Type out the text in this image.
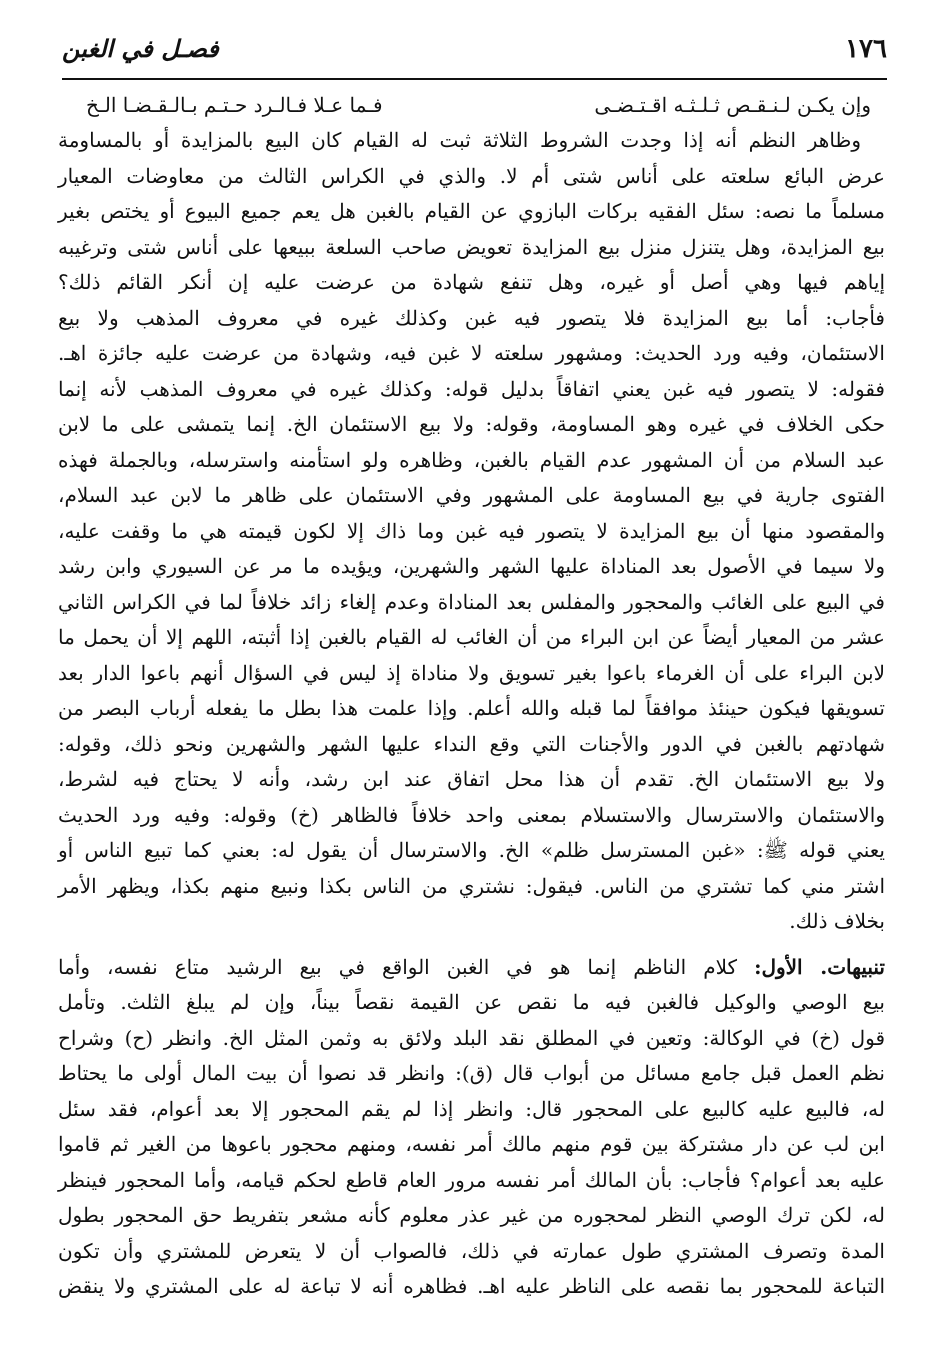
١٧٦
فصـل في الغبن
وإن يكـن لـنـقـص ثـلـثـه اقـتـضـى
فـما عـلا فـالـرد حـتـم بـالـقـضـا الـخ
وظاهر النظم أنه إذا وجدت الشروط الثلاثة ثبت له القيام كان البيع بالمزايدة أو بالمساومة
عرض البائع سلعته على أناس شتى أم لا. والذي في الكراس الثالث من معاوضات المعيار
مسلماً ما نصه: سئل الفقيه بركات البازوي عن القيام بالغبن هل يعم جميع البيوع أو يختص بغير
بيع المزايدة، وهل يتنزل منزل بيع المزايدة تعويض صاحب السلعة ببيعها على أناس شتى وترغيبه
إياهم فيها وهي أصل أو غيره، وهل تنفع شهادة من عرضت عليه إن أنكر القائم ذلك؟
فأجاب: أما بيع المزايدة فلا يتصور فيه غبن وكذلك غيره في معروف المذهب ولا بيع
الاستئمان، وفيه ورد الحديث: ومشهور سلعته لا غبن فيه، وشهادة من عرضت عليه جائزة اهـ.
فقوله: لا يتصور فيه غبن يعني اتفاقاً بدليل قوله: وكذلك غيره في معروف المذهب لأنه إنما
حكى الخلاف في غيره وهو المساومة، وقوله: ولا بيع الاستئمان الخ. إنما يتمشى على ما لابن
عبد السلام من أن المشهور عدم القيام بالغبن، وظاهره ولو استأمنه واسترسله، وبالجملة فهذه
الفتوى جارية في بيع المساومة على المشهور وفي الاستئمان على ظاهر ما لابن عبد السلام،
والمقصود منها أن بيع المزايدة لا يتصور فيه غبن وما ذاك إلا لكون قيمته هي ما وقفت عليه،
ولا سيما في الأصول بعد المناداة عليها الشهر والشهرين، ويؤيده ما مر عن السيوري وابن رشد
في البيع على الغائب والمحجور والمفلس بعد المناداة وعدم إلغاء زائد خلافاً لما في الكراس الثاني
عشر من المعيار أيضاً عن ابن البراء من أن الغائب له القيام بالغبن إذا أثبته، اللهم إلا أن يحمل ما
لابن البراء على أن الغرماء باعوا بغير تسويق ولا مناداة إذ ليس في السؤال أنهم باعوا الدار بعد
تسويقها فيكون حينئذ موافقاً لما قبله والله أعلم. وإذا علمت هذا بطل ما يفعله أرباب البصر من
شهادتهم بالغبن في الدور والأجنات التي وقع النداء عليها الشهر والشهرين ونحو ذلك، وقوله:
ولا بيع الاستئمان الخ. تقدم أن هذا محل اتفاق عند ابن رشد، وأنه لا يحتاج فيه لشرط،
والاستئمان والاسترسال والاستسلام بمعنى واحد خلافاً فالظاهر (خ) وقوله: وفيه ورد الحديث
يعني قوله ﷺ: «غبن المسترسل ظلم» الخ. والاسترسال أن يقول له: بعني كما تبيع الناس أو
اشتر مني كما تشتري من الناس. فيقول: نشتري من الناس بكذا ونبيع منهم بكذا، ويظهر الأمر
بخلاف ذلك.
تنبيهات. الأول: كلام الناظم إنما هو في الغبن الواقع في بيع الرشيد متاع نفسه، وأما
بيع الوصي والوكيل فالغبن فيه ما نقص عن القيمة نقصاً بيناً، وإن لم يبلغ الثلث. وتأمل
قول (خ) في الوكالة: وتعين في المطلق نقد البلد ولائق به وثمن المثل الخ. وانظر (ح) وشراح
نظم العمل قبل جامع مسائل من أبواب قال (ق): وانظر قد نصوا أن بيت المال أولى ما يحتاط
له، فالبيع عليه كالبيع على المحجور قال: وانظر إذا لم يقم المحجور إلا بعد أعوام، فقد سئل
ابن لب عن دار مشتركة بين قوم منهم مالك أمر نفسه، ومنهم محجور باعوها من الغير ثم قاموا
عليه بعد أعوام؟ فأجاب: بأن المالك أمر نفسه مرور العام قاطع لحكم قيامه، وأما المحجور فينظر
له، لكن ترك الوصي النظر لمحجوره من غير عذر معلوم كأنه مشعر بتفريط حق المحجور بطول
المدة وتصرف المشتري طول عمارته في ذلك، فالصواب أن لا يتعرض للمشتري وأن تكون
التباعة للمحجور بما نقصه على الناظر عليه اهـ. فظاهره أنه لا تباعة له على المشتري ولا ينقض
